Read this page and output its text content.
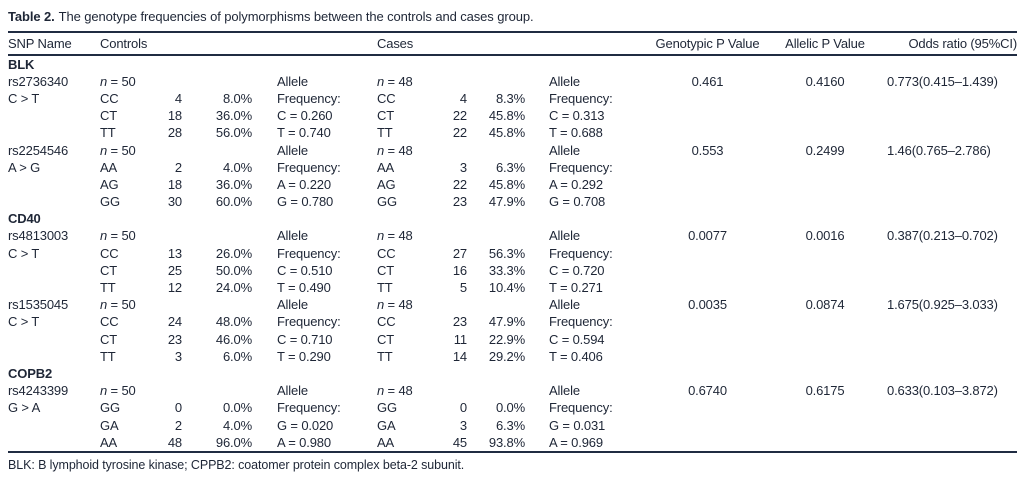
Table 2. The genotype frequencies of polymorphisms between the controls and cases group.
SNP Name	Controls	Cases	Genotypic P Value	Allelic P Value	Odds ratio (95%CI)
BLK
rs2736340	n = 50	Allele	n = 48	Allele	0.461	0.4160	0.773(0.415–1.439)
C > T	CC	4	8.0%	Frequency:	CC	4	8.3%	Frequency:
CT	18	36.0%	C = 0.260	CT	22	45.8%	C = 0.313
TT	28	56.0%	T = 0.740	TT	22	45.8%	T = 0.688
rs2254546	n = 50	Allele	n = 48	Allele	0.553	0.2499	1.46(0.765–2.786)
A > G	AA	2	4.0%	Frequency:	AA	3	6.3%	Frequency:
AG	18	36.0%	A = 0.220	AG	22	45.8%	A = 0.292
GG	30	60.0%	G = 0.780	GG	23	47.9%	G = 0.708
CD40
rs4813003	n = 50	Allele	n = 48	Allele	0.0077	0.0016	0.387(0.213–0.702)
C > T	CC	13	26.0%	Frequency:	CC	27	56.3%	Frequency:
CT	25	50.0%	C = 0.510	CT	16	33.3%	C = 0.720
TT	12	24.0%	T = 0.490	TT	5	10.4%	T = 0.271
rs1535045	n = 50	Allele	n = 48	Allele	0.0035	0.0874	1.675(0.925–3.033)
C > T	CC	24	48.0%	Frequency:	CC	23	47.9%	Frequency:
CT	23	46.0%	C = 0.710	CT	11	22.9%	C = 0.594
TT	3	6.0%	T = 0.290	TT	14	29.2%	T = 0.406
COPB2
rs4243399	n = 50	Allele	n = 48	Allele	0.6740	0.6175	0.633(0.103–3.872)
G > A	GG	0	0.0%	Frequency:	GG	0	0.0%	Frequency:
GA	2	4.0%	G = 0.020	GA	3	6.3%	G = 0.031
AA	48	96.0%	A = 0.980	AA	45	93.8%	A = 0.969
BLK: B lymphoid tyrosine kinase; CPPB2: coatomer protein complex beta-2 subunit.
